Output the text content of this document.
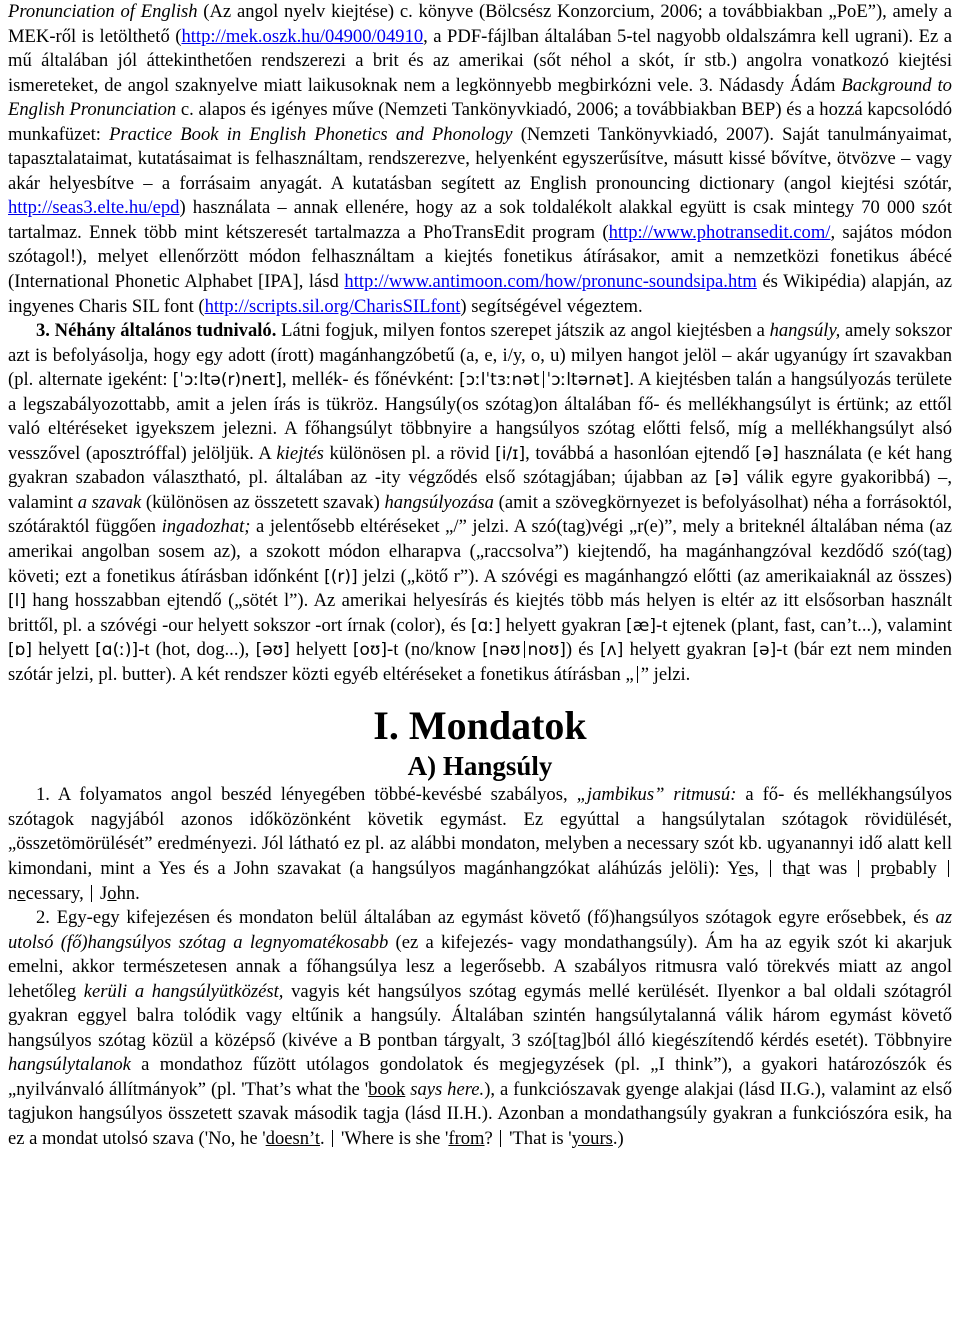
Pronunciation of English (Az angol nyelv kiejtése) c. könyve (Bölcsész Konzorcium, 2006; a továbbiakban „PoE”), amely a MEK-ről is letölthető (http://mek.oszk.hu/04900/04910, a PDF-fájlban általában 5-tel nagyobb oldalszámra kell ugrani). Ez a mű általában jól áttekinthetően rendszerezi a brit és az amerikai (sőt néhol a skót, ír stb.) angolra vonatkozó kiejtési ismereteket, de angol szaknyelve miatt laikusoknak nem a legkönnyebb megbirkózni vele. 3. Nádasdy Ádám Background to English Pronunciation c. alapos és igényes műve (Nemzeti Tankönyvkiadó, 2006; a továbbiakban BEP) és a hozzá kapcsolódó munkafüzet: Practice Book in English Phonetics and Phonology (Nemzeti Tankönyvkiadó, 2007). Saját tanulmányaimat, tapasztalataimat, kutatásaimat is felhasználtam, rendszerezve, helyenként egyszerűsítve, másutt kissé bővítve, ötvözve – vagy akár helyesbítve – a forrásaim anyagát. A kutatásban segített az English pronouncing dictionary (angol kiejtési szótár, http://seas3.elte.hu/epd) használata – annak ellenére, hogy az a sok toldalékolt alakkal együtt is csak mintegy 70 000 szót tartalmaz. Ennek több mint kétszeresét tartalmazza a PhoTransEdit program (http://www.photransedit.com/, sajátos módon szótagol!), melyet ellenőrzött módon felhasználtam a kiejtés fonetikus átírásakor, amit a nemzetközi fonetikus ábécé (International Phonetic Alphabet [IPA], lásd http://www.antimoon.com/how/pronunc-soundsipa.htm és Wikipédia) alapján, az ingyenes Charis SIL font (http://scripts.sil.org/CharisSILfont) segítségével végeztem.

3. Néhány általános tudnivaló. Látni fogjuk, milyen fontos szerepet játszik az angol kiejtésben a hangsúly, amely sokszor azt is befolyásolja, hogy egy adott (írott) magánhangzóbetű (a, e, i/y, o, u) milyen hangot jelöl – akár ugyanúgy írt szavakban (pl. alternate igeként: [ˈɔːltə(r)neɪt], mellék- és főnévként: [ɔːlˈtɜːnət ˈɔːltərnət]. A kiejtésben talán a hangsúlyozás területe a legszabályozottabb, amit a jelen írás is tükröz. Hangsúly(os szótag)on általában fő- és mellékhangsúlyt is értünk; az ettől való eltéréseket igyekszem jelezni. A főhangsúlyt többnyire a hangsúlyos szótag előtti felső, míg a mellékhangsúlyt alsó vesszővel (aposztróffal) jelöljük. A kiejtés különösen pl. a rövid [i/ɪ], továbbá a hasonlóan ejtendő [ə] használata (e két hang gyakran szabadon választható, pl. általában az -ity végződés első szótagjában; újabban az [ə] válik egyre gyakoribbá) –, valamint a szavak (különösen az összetett szavak) hangsúlyozása (amit a szövegkörnyezet is befolyásolhat) néha a forrásoktól, szótáraktól függően ingadozhat; a jelentősebb eltéréseket „/” jelzi. A szó(tag)végi „r(e)”, mely a briteknél általában néma (az amerikai angolban sosem az), a szokott módon elharapva („raccsolva”) kiejtendő, ha magánhangzóval kezdődő szó(tag) követi; ezt a fonetikus átírásban időnként [(r)] jelzi („kötő r”). A szóvégi es magánhangzó előtti (az amerikaiaknál az összes) [l] hang hosszabban ejtendő („sötét l”). Az amerikai helyesírás és kiejtés több más helyen is eltér az itt elsősorban használt brittől, pl. a szóvégi -our helyett sokszor -ort írnak (color), és [ɑː] helyett gyakran [æ]-t ejtenek (plant, fast, can’t...), valamint [ɒ] helyett [ɑ(ː)]-t (hot, dog...), [əʊ] helyett [oʊ]-t (no/know [nəʊ noʊ]) és [ʌ] helyett gyakran [ə]-t (bár ezt nem minden szótár jelzi, pl. butter). A két rendszer közti egyéb eltéréseket a fonetikus átírásban „ ” jelzi.

I. Mondatok
A) Hangsúly

1. A folyamatos angol beszéd lényegében többé-kevésbé szabályos, „jambikus” ritmusú: a fő- és mellékhangsúlyos szótagok nagyjából azonos időközönként követik egymást. Ez egyúttal a hangsúlytalan szótagok rövidülését, „összetömörülését” eredményezi. Jól látható ez pl. az alábbi mondaton, melyben a necessary szót kb. ugyanannyi idő alatt kell kimondani, mint a Yes és a John szavakat (a hangsúlyos magánhangzókat aláhúzás jelöli): Yes,  that was  probably  necessary,  John.

2. Egy-egy kifejezésen és mondaton belül általában az egymást követő (fő)hangsúlyos szótagok egyre erősebbek, és az utolsó (fő)hangsúlyos szótag a legnyomatékosabb (ez a kifejezés- vagy mondathangsúly). Ám ha az egyik szót ki akarjuk emelni, akkor természetesen annak a főhangsúlya lesz a legerősebb. A szabályos ritmusra való törekvés miatt az angol lehetőleg kerüli a hangsúlyütközést, vagyis két hangsúlyos szótag egymás mellé kerülését. Ilyenkor a bal oldali szótagról gyakran eggyel balra tolódik vagy eltűnik a hangsúly. Általában szintén hangsúlytalanná válik három egymást követő hangsúlyos szótag közül a középső (kivéve a B pontban tárgyalt, 3 szó[tag]ból álló kiegészítendő kérdés esetét). Többnyire hangsúlytalanok a mondathoz fűzött utólagos gondolatok és megjegyzések (pl. „I think”), a gyakori határozószók és „nyilvánvaló állítmányok” (pl. 'That’s what the 'book says here.), a funkciószavak gyenge alakjai (lásd II.G.), valamint az első tagjukon hangsúlyos összetett szavak második tagja (lásd II.H.). Azonban a mondathangsúly gyakran a funkciószóra esik, ha ez a mondat utolsó szava ('No, he 'doesn’t.  'Where is she 'from?  'That is 'yours.)
